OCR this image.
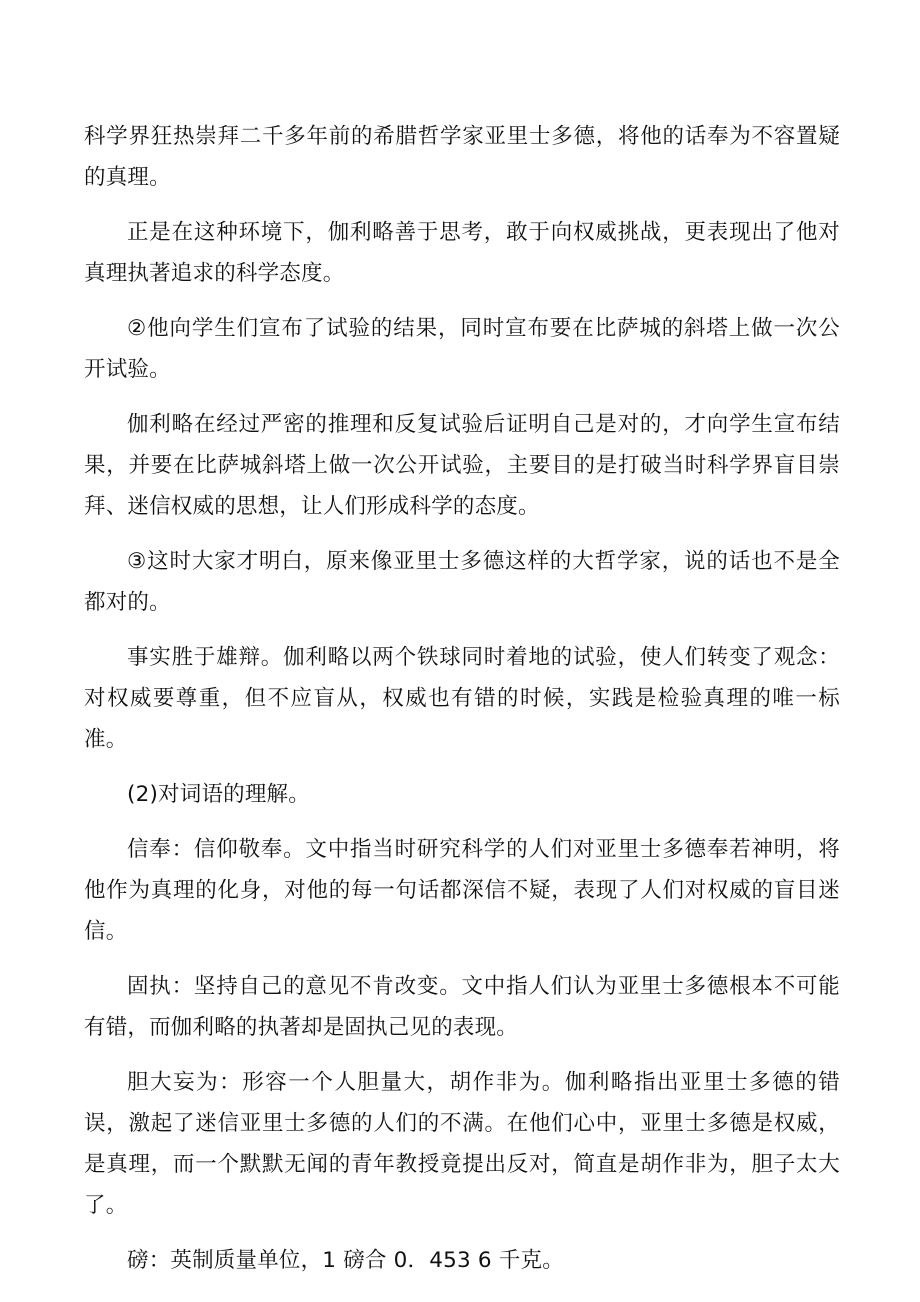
科学界狂热崇拜二千多年前的希腊哲学家亚里士多德，将他的话奉为不容置疑的真理。

正是在这种环境下，伽利略善于思考，敢于向权威挑战，更表现出了他对真理执著追求的科学态度。

②他向学生们宣布了试验的结果，同时宣布要在比萨城的斜塔上做一次公开试验。

伽利略在经过严密的推理和反复试验后证明自己是对的，才向学生宣布结果，并要在比萨城斜塔上做一次公开试验，主要目的是打破当时科学界盲目崇拜、迷信权威的思想，让人们形成科学的态度。

③这时大家才明白，原来像亚里士多德这样的大哲学家，说的话也不是全都对的。

事实胜于雄辩。伽利略以两个铁球同时着地的试验，使人们转变了观念：对权威要尊重，但不应盲从，权威也有错的时候，实践是检验真理的唯一标准。

(2)对词语的理解。

信奉：信仰敬奉。文中指当时研究科学的人们对亚里士多德奉若神明，将他作为真理的化身，对他的每一句话都深信不疑，表现了人们对权威的盲目迷信。

固执：坚持自己的意见不肯改变。文中指人们认为亚里士多德根本不可能有错，而伽利略的执著却是固执己见的表现。

胆大妄为：形容一个人胆量大，胡作非为。伽利略指出亚里士多德的错误，激起了迷信亚里士多德的人们的不满。在他们心中，亚里士多德是权威，是真理，而一个默默无闻的青年教授竟提出反对，简直是胡作非为，胆子太大了。

磅：英制质量单位，1 磅合 0．453 6 千克。
